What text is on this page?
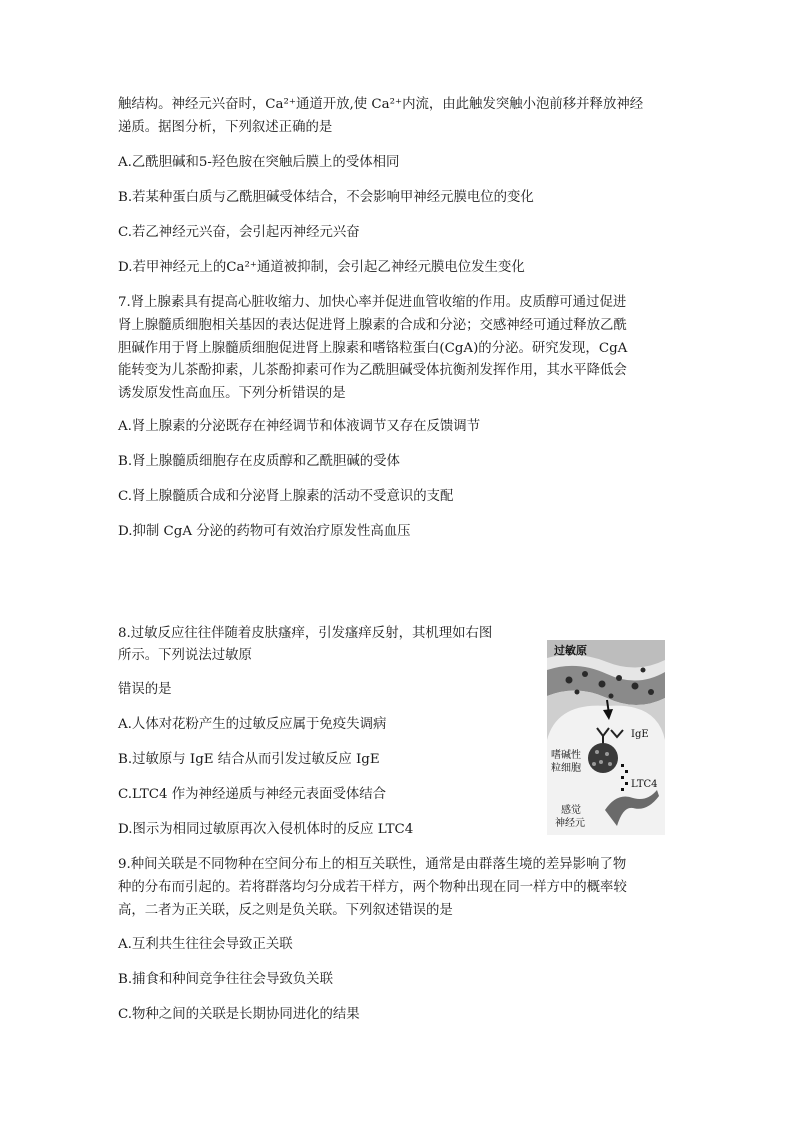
触结构。神经元兴奋时，Ca²⁺通道开放,使 Ca²⁺内流，由此触发突触小泡前移并释放神经
递质。据图分析，下列叙述正确的是
A.乙酰胆碱和5-羟色胺在突触后膜上的受体相同
B.若某种蛋白质与乙酰胆碱受体结合，不会影响甲神经元膜电位的变化
C.若乙神经元兴奋，会引起丙神经元兴奋
D.若甲神经元上的Ca²⁺通道被抑制，会引起乙神经元膜电位发生变化
7.肾上腺素具有提高心脏收缩力、加快心率并促进血管收缩的作用。皮质醇可通过促进
肾上腺髓质细胞相关基因的表达促进肾上腺素的合成和分泌；交感神经可通过释放乙酰
胆碱作用于肾上腺髓质细胞促进肾上腺素和嗜铬粒蛋白(CgA)的分泌。研究发现，CgA
能转变为儿茶酚抑素，儿茶酚抑素可作为乙酰胆碱受体抗衡剂发挥作用，其水平降低会
诱发原发性高血压。下列分析错误的是
A.肾上腺素的分泌既存在神经调节和体液调节又存在反馈调节
B.肾上腺髓质细胞存在皮质醇和乙酰胆碱的受体
C.肾上腺髓质合成和分泌肾上腺素的活动不受意识的支配
D.抑制 CgA 分泌的药物可有效治疗原发性高血压
8.过敏反应往往伴随着皮肤瘙痒，引发瘙痒反射，其机理如右图
所示。下列说法过敏原
错误的是
A.人体对花粉产生的过敏反应属于免疫失调病
B.过敏原与 IgE 结合从而引发过敏反应 IgE
C.LTC4 作为神经递质与神经元表面受体结合
D.图示为相同过敏原再次入侵机体时的反应 LTC4
过敏原
IgE
嗜碱性
粒细胞
LTC4
感觉
神经元
9.种间关联是不同物种在空间分布上的相互关联性，通常是由群落生境的差异影响了物
种的分布而引起的。若将群落均匀分成若干样方，两个物种出现在同一样方中的概率较
高，二者为正关联，反之则是负关联。下列叙述错误的是
A.互利共生往往会导致正关联
B.捕食和种间竞争往往会导致负关联
C.物种之间的关联是长期协同进化的结果
